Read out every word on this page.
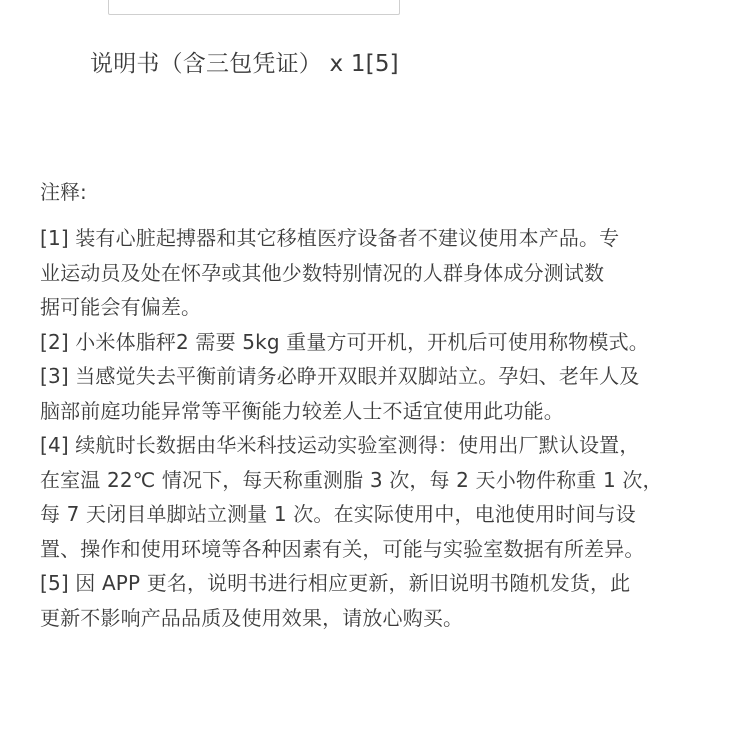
说明书（含三包凭证） x 1[5]
注释:
[1] 装有心脏起搏器和其它移植医疗设备者不建议使用本产品。专
业运动员及处在怀孕或其他少数特别情况的人群身体成分测试数
据可能会有偏差。
[2] 小米体脂秤2 需要 5kg 重量方可开机，开机后可使用称物模式。
[3] 当感觉失去平衡前请务必睁开双眼并双脚站立。孕妇、老年人及
脑部前庭功能异常等平衡能力较差人士不适宜使用此功能。
[4] 续航时长数据由华米科技运动实验室测得：使用出厂默认设置，
在室温 22℃ 情况下，每天称重测脂 3 次，每 2 天小物件称重 1 次，
每 7 天闭目单脚站立测量 1 次。在实际使用中，电池使用时间与设
置、操作和使用环境等各种因素有关，可能与实验室数据有所差异。
[5] 因 APP 更名，说明书进行相应更新，新旧说明书随机发货，此
更新不影响产品品质及使用效果，请放心购买。
